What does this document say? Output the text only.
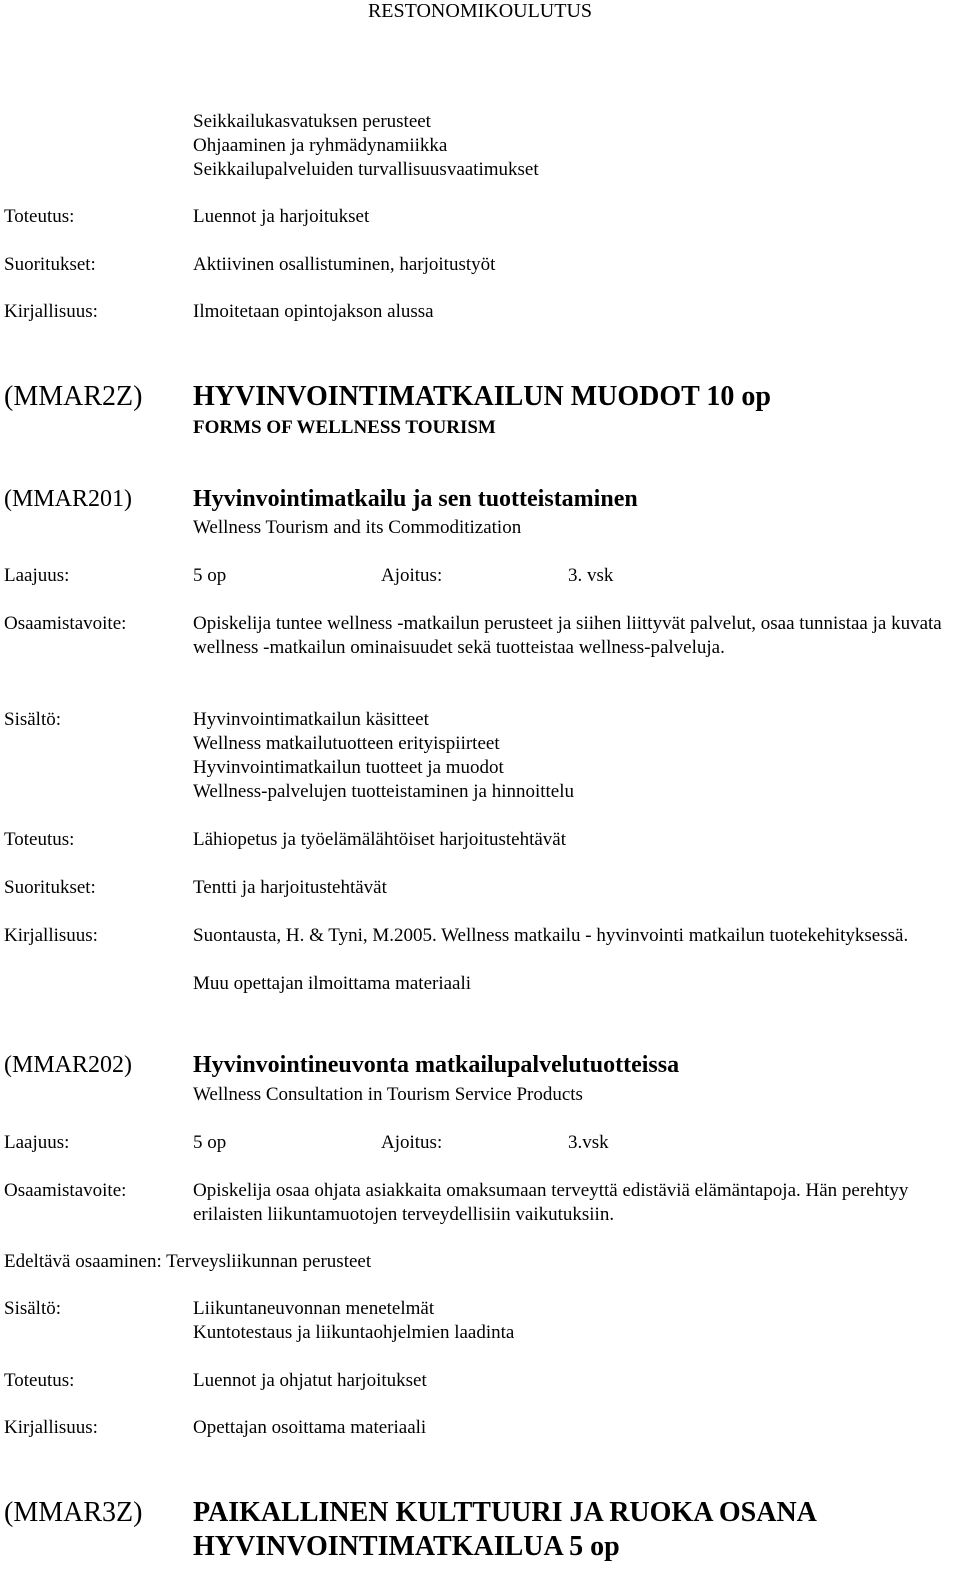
RESTONOMIKOULUTUS
Seikkailukasvatuksen perusteet
Ohjaaminen ja ryhmädynamiikka
Seikkailupalveluiden turvallisuusvaatimukset
Toteutus:	Luennot ja harjoitukset
Suoritukset:	Aktiivinen osallistuminen, harjoitustyöt
Kirjallisuus:	Ilmoitetaan opintojakson alussa
(MMAR2Z) HYVINVOINTIMATKAILUN MUODOT 10 op
FORMS OF WELLNESS TOURISM
(MMAR201)	Hyvinvointimatkailu ja sen tuotteistaminen
Wellness Tourism and its Commoditization
Laajuus:	5 op	Ajoitus:	3. vsk
Osaamistavoite:	Opiskelija tuntee wellness -matkailun perusteet ja siihen liittyvät palvelut, osaa tunnistaa ja kuvata wellness -matkailun ominaisuudet sekä tuotteistaa wellness-palveluja.
Sisältö:	Hyvinvointimatkailun käsitteet
Wellness matkailutuotteen erityispiirteet
Hyvinvointimatkailun tuotteet ja muodot
Wellness-palvelujen tuotteistaminen ja hinnoittelu
Toteutus:	Lähiopetus ja työelämälähtöiset harjoitustehtävät
Suoritukset:	Tentti ja harjoitustehtävät
Kirjallisuus:	Suontausta, H. & Tyni, M.2005. Wellness matkailu - hyvinvointi matkailun tuotekehityksessä.
Muu opettajan ilmoittama materiaali
(MMAR202)	Hyvinvointineuvonta matkailupalvelutuotteissa
Wellness Consultation in Tourism Service Products
Laajuus:	5 op	Ajoitus:	3.vsk
Osaamistavoite:	Opiskelija osaa ohjata asiakkaita omaksumaan terveyttä edistäviä elämäntapoja. Hän perehtyy erilaisten liikuntamuotojen terveydellisiin vaikutuksiin.
Edeltävä osaaminen: Terveysliikunnan perusteet
Sisältö:	Liikuntaneuvonnan menetelmät
Kuntotestaus ja liikuntaohjelmien laadinta
Toteutus:	Luennot ja ohjatut harjoitukset
Kirjallisuus:	Opettajan osoittama materiaali
(MMAR3Z) PAIKALLINEN KULTTUURI JA RUOKA OSANA
HYVINVOINTIMATKAILUA 5 op
